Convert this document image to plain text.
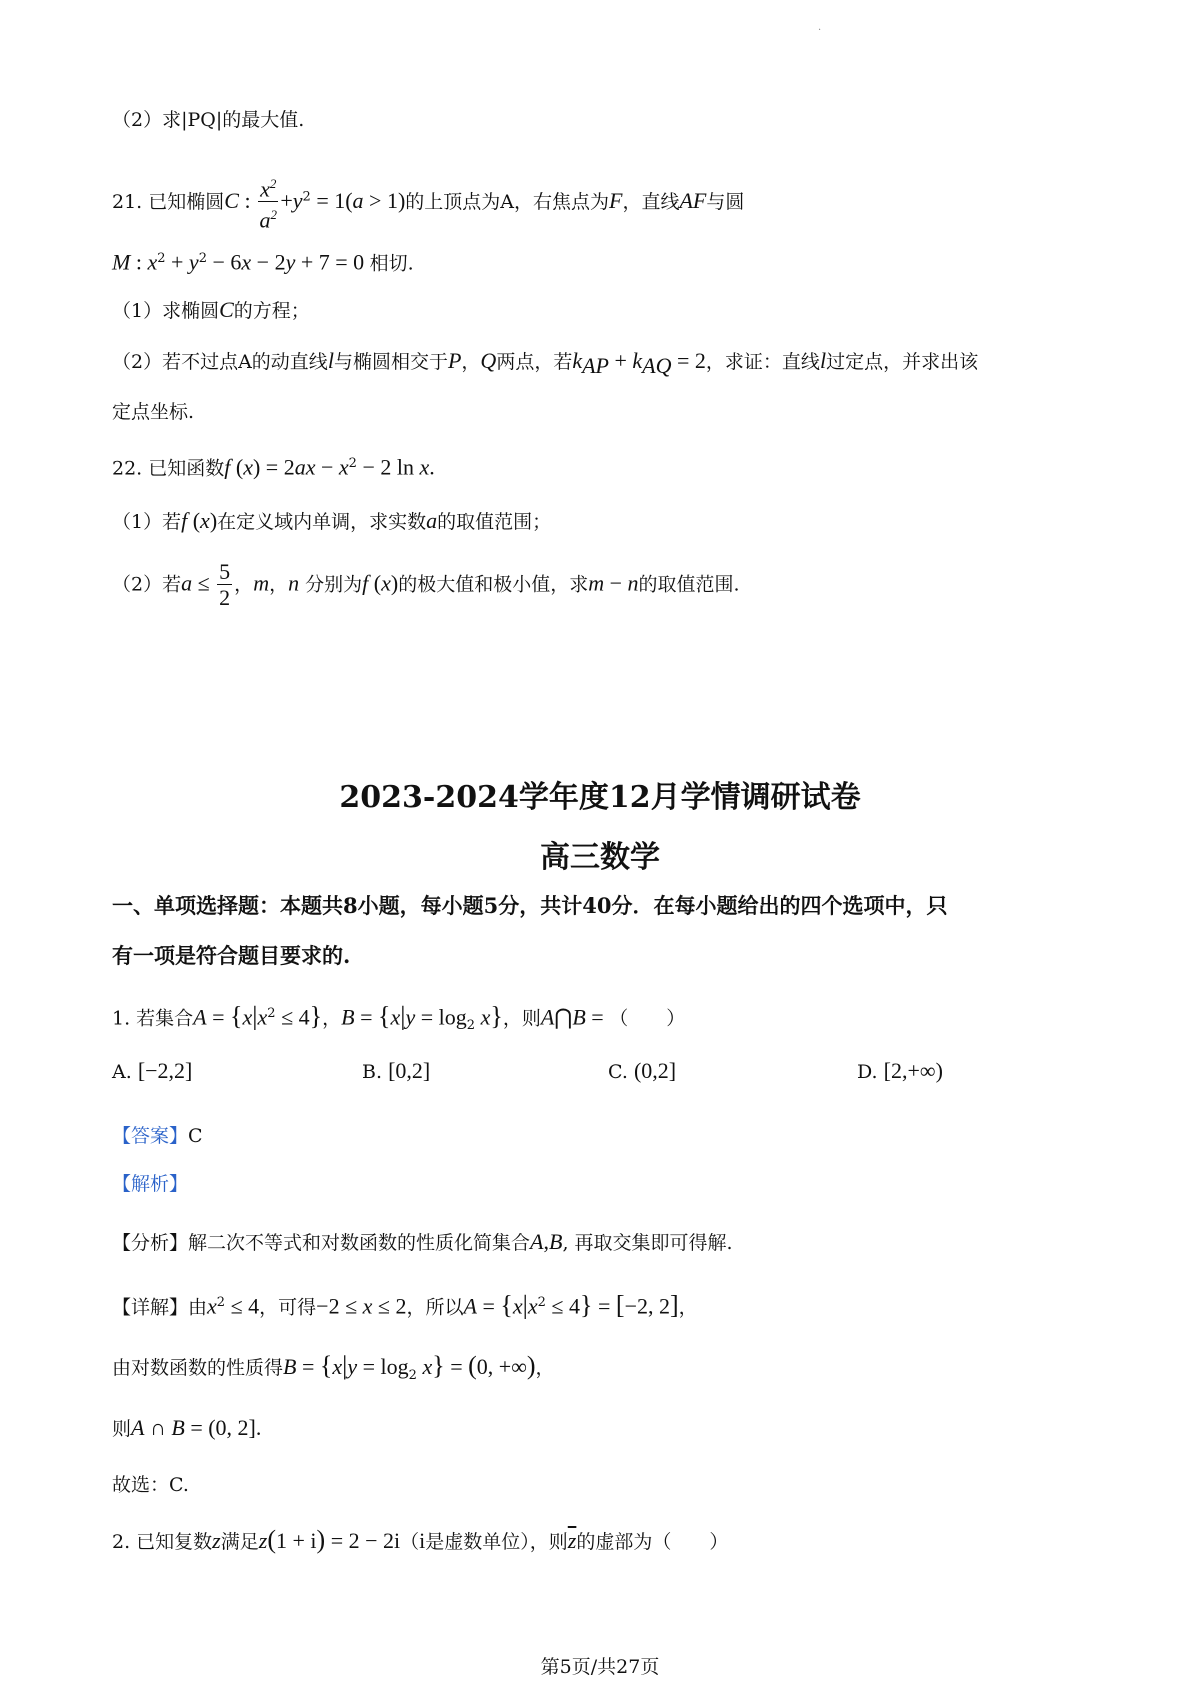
.
（2）求|PQ|的最大值.
21. 已知椭圆C : $\frac{x^2}{a^2} +y^2 = 1(a > 1)$的上顶点为A，右焦点为F，直线AF与圆
M : $x^2 + y^2 - 6x - 2y + 7 = 0$ 相切.
（1）求椭圆C的方程；
（2）若不过点A的动直线l与椭圆相交于P，Q两点，若$k_{AP} + k_{AQ} = 2$，求证：直线l过定点，并求出该
定点坐标.
22. 已知函数f $(x) = 2ax - x^2 - 2$ ln x.
（1）若f (x)在定义域内单调，求实数a的取值范围；
（2）若$a \le \frac{5}{2}$ ，m，n 分别为f (x)的极大值和极小值，求m − n的取值范围.
2023-2024学年度12月学情调研试卷
高三数学
一、单项选择题：本题共8小题，每小题5分，共计40分．在每小题给出的四个选项中，只
有一项是符合题目要求的.
1. 若集合$A = \{x|x^2 \le 4\}$，$B = \{x|y = \log_2 x\}$，则A⋂B = （　　）
A. [−2,2]	B. [0,2]	C. (0,2]	D. [2,+∞)
【答案】C
【解析】
【分析】解二次不等式和对数函数的性质化简集合A,B, 再取交集即可得解.
【详解】由$x^2 \le 4$，可得−2 ≤ x ≤ 2，所以$A = \{x|x^2 \le 4\} = [-2$, 2]，
由对数函数的性质得$B = \{x|y = \log_2 x\} = (0$, +∞)，
则A ∩ B = (0, 2].
故选：C.
2. 已知复数z满足z(1 + i) = 2 − 2i（i是虚数单位），则$\overline{z}$的虚部为（　　）
第5页/共27页
